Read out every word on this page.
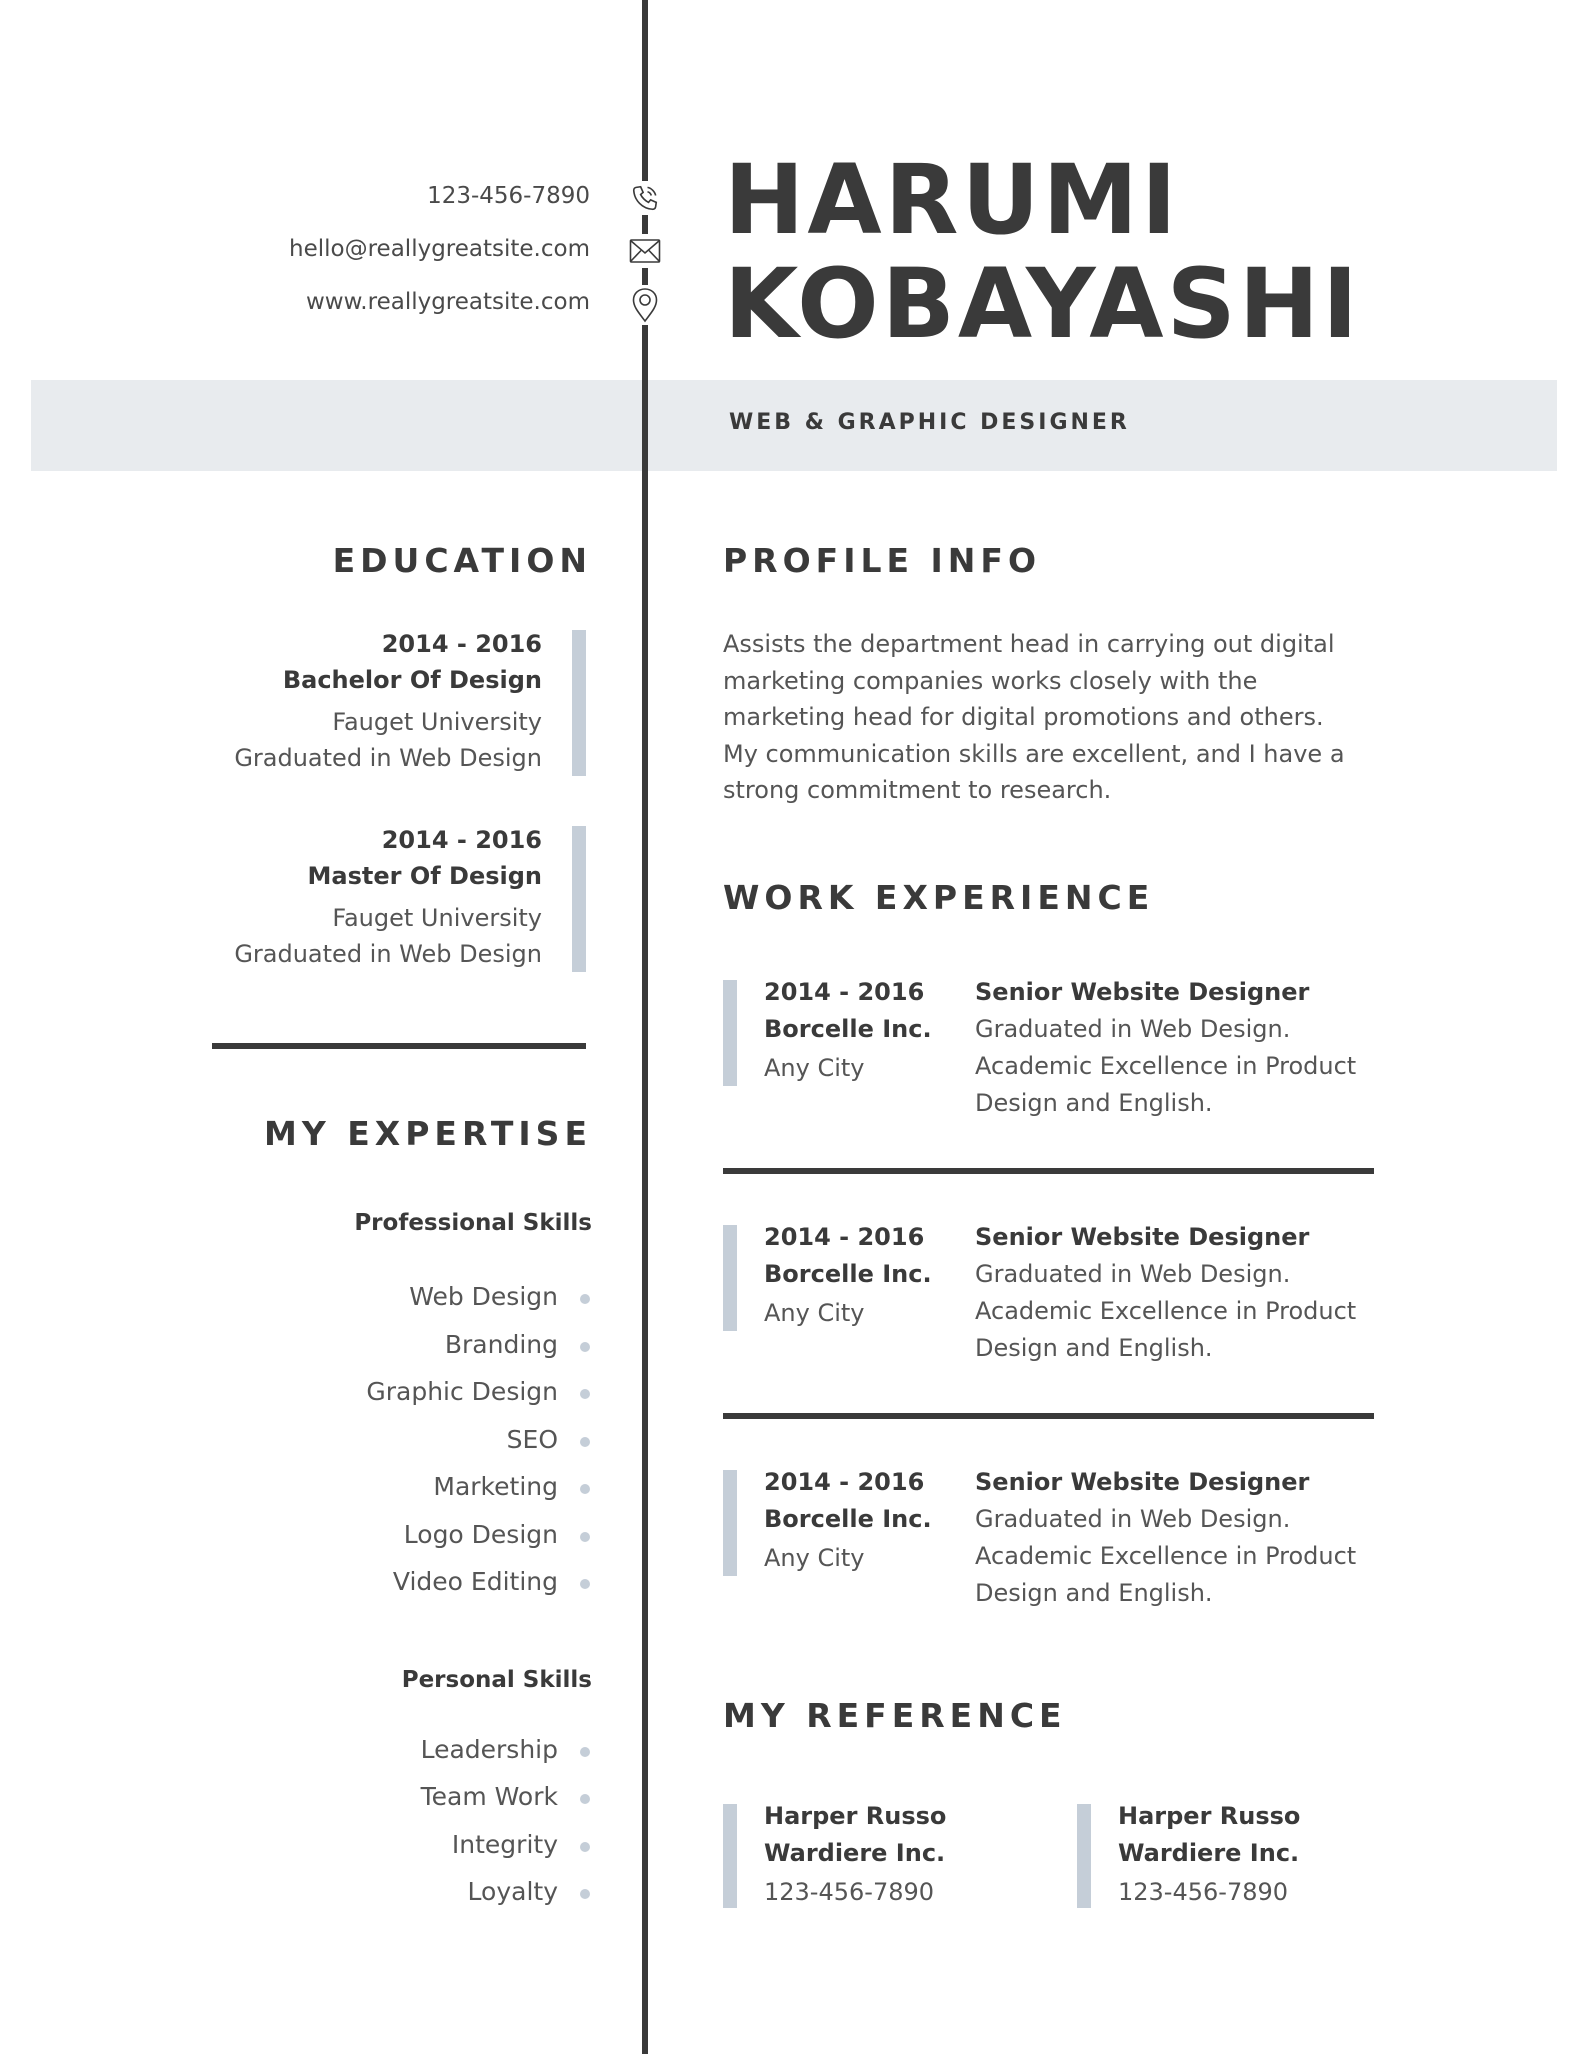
123-456-7890
hello@reallygreatsite.com
www.reallygreatsite.com
HARUMI
KOBAYASHI
WEB & GRAPHIC DESIGNER
EDUCATION
2014 - 2016
Bachelor Of Design
Fauget University
Graduated in Web Design
2014 - 2016
Master Of Design
Fauget University
Graduated in Web Design
MY EXPERTISE
Professional Skills
Web Design
Branding
Graphic Design
SEO
Marketing
Logo Design
Video Editing
Personal Skills
Leadership
Team Work
Integrity
Loyalty
PROFILE INFO
Assists the department head in carrying out digital
marketing companies works closely with the
marketing head for digital promotions and others.
My communication skills are excellent, and I have a
strong commitment to research.
WORK EXPERIENCE
2014 - 2016
Borcelle Inc.
Any City
Senior Website Designer
Graduated in Web Design.
Academic Excellence in Product
Design and English.
2014 - 2016
Borcelle Inc.
Any City
Senior Website Designer
Graduated in Web Design.
Academic Excellence in Product
Design and English.
2014 - 2016
Borcelle Inc.
Any City
Senior Website Designer
Graduated in Web Design.
Academic Excellence in Product
Design and English.
MY REFERENCE
Harper Russo
Wardiere Inc.
123-456-7890
Harper Russo
Wardiere Inc.
123-456-7890
